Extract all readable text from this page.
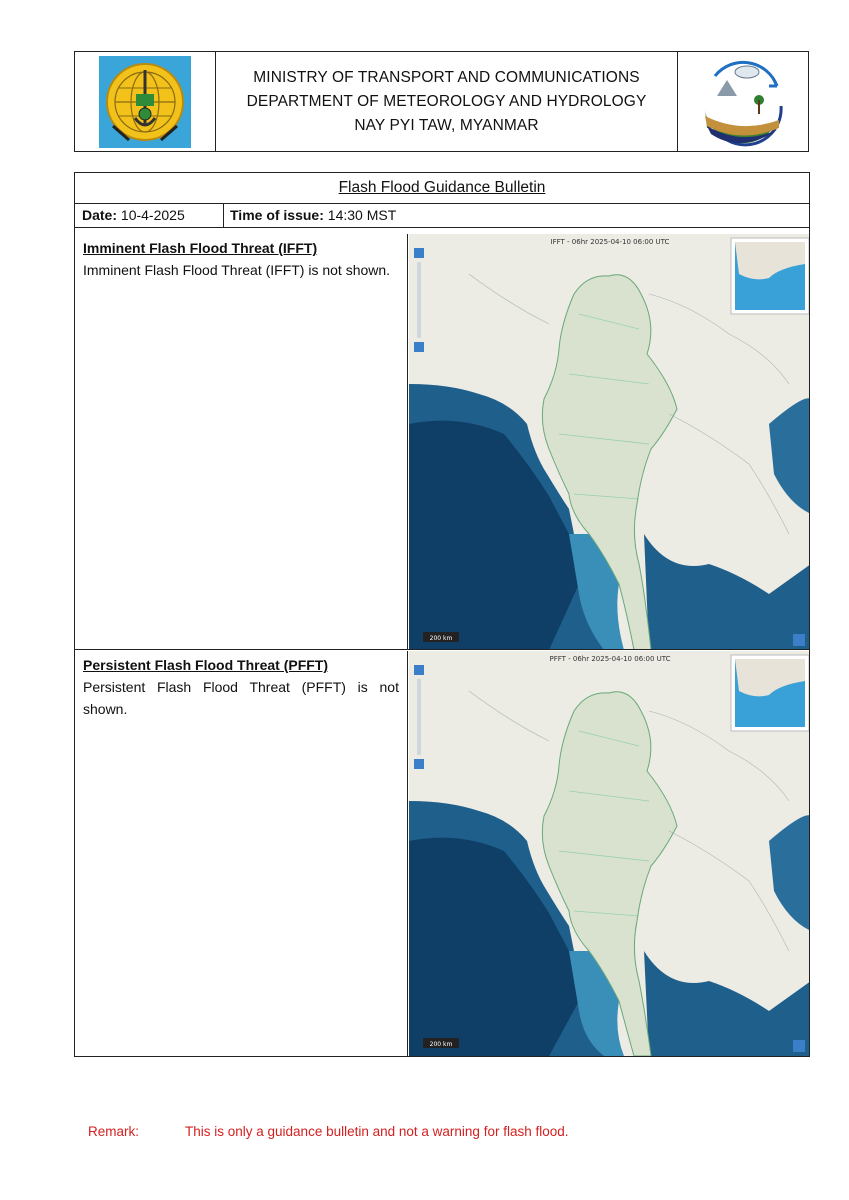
MINISTRY OF TRANSPORT AND COMMUNICATIONS
DEPARTMENT OF METEOROLOGY AND HYDROLOGY
NAY PYI TAW, MYANMAR
Flash Flood Guidance Bulletin
Date:
10-4-2025	Time of issue:
14:30 MST
Imminent Flash Flood Threat (IFFT)
Imminent Flash Flood Threat (IFFT) is not shown.
IFFT - 06hr 2025-04-10 06:00 UTC
200 km
Persistent Flash Flood Threat (PFFT)
Persistent Flash Flood Threat (PFFT) is not shown.
PFFT - 06hr 2025-04-10 06:00 UTC
200 km
Remark:	This is only a guidance bulletin and not a warning for flash flood.
